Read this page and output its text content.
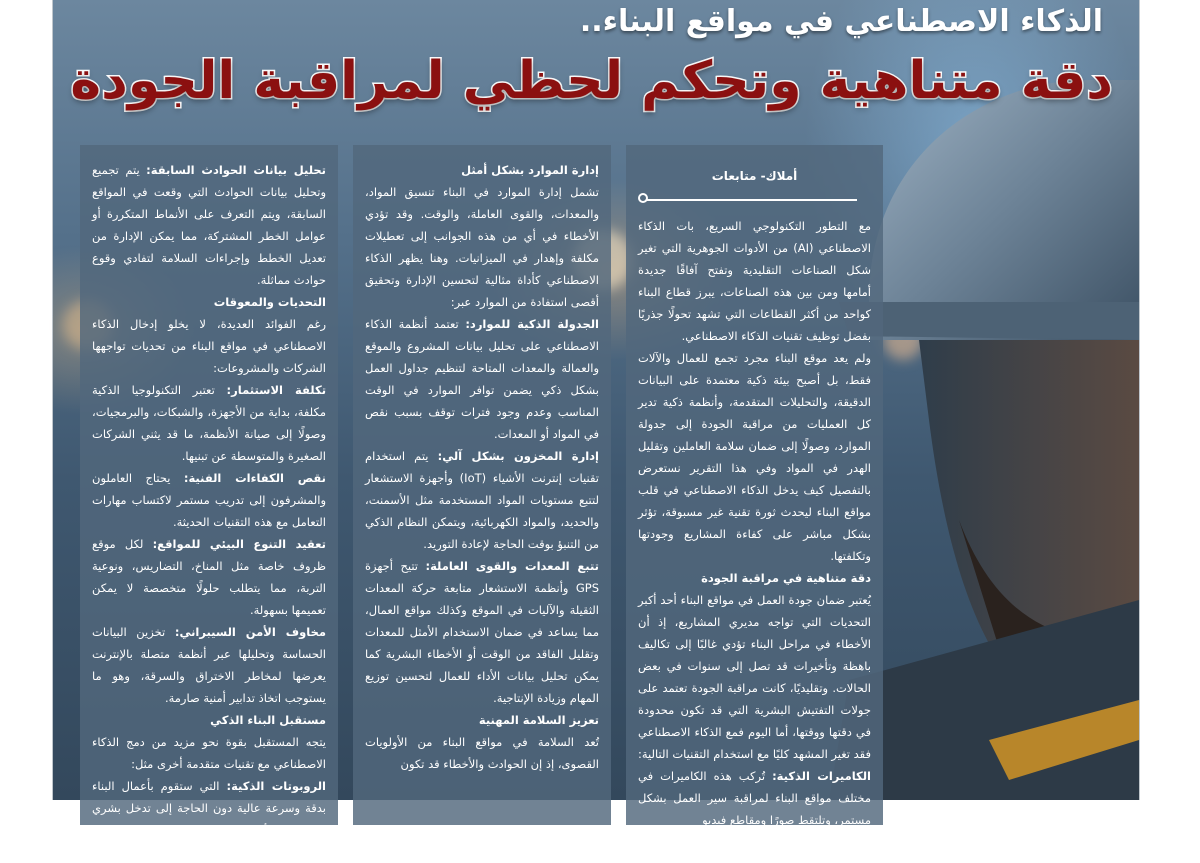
الذكاء الاصطناعي في مواقع البناء..
دقة متناهية وتحكم لحظي لمراقبة الجودة
أملاك- متابعات

مع التطور التكنولوجي السريع، بات الذكاء الاصطناعي (AI) من الأدوات الجوهرية التي تغير شكل الصناعات التقليدية وتفتح آفاقًا جديدة أمامها ومن بين هذه الصناعات، يبرز قطاع البناء كواحد من أكثر القطاعات التي تشهد تحولًا جذريًا بفضل توظيف تقنيات الذكاء الاصطناعي.

ولم يعد موقع البناء مجرد تجمع للعمال والآلات فقط، بل أصبح بيئة ذكية معتمدة على البيانات الدقيقة، والتحليلات المتقدمة، وأنظمة ذكية تدير كل العمليات من مراقبة الجودة إلى جدولة الموارد، وصولًا إلى ضمان سلامة العاملين وتقليل الهدر في المواد وفي هذا التقرير نستعرض بالتفصيل كيف يدخل الذكاء الاصطناعي في قلب مواقع البناء ليحدث ثورة تقنية غير مسبوقة، تؤثر بشكل مباشر على كفاءة المشاريع وجودتها وتكلفتها.

دقة متناهية في مراقبة الجودة

يُعتبر ضمان جودة العمل في مواقع البناء أحد أكبر التحديات التي تواجه مديري المشاريع، إذ أن الأخطاء في مراحل البناء تؤدي غالبًا إلى تكاليف باهظة وتأخيرات قد تصل إلى سنوات في بعض الحالات. وتقليديًا، كانت مراقبة الجودة تعتمد على جولات التفتيش البشرية التي قد تكون محدودة في دقتها ووقتها، أما اليوم فمع الذكاء الاصطناعي فقد تغير المشهد كليًا مع استخدام التقنيات التالية:

الكاميرات الذكية: تُركب هذه الكاميرات في مختلف مواقع البناء لمراقبة سير العمل بشكل مستمر، وتلتقط صورًا ومقاطع فيديو

إدارة الموارد بشكل أمثل

تشمل إدارة الموارد في البناء تنسيق المواد، والمعدات، والقوى العاملة، والوقت. وقد تؤدي الأخطاء في أي من هذه الجوانب إلى تعطيلات مكلفة وإهدار في الميزانيات. وهنا يظهر الذكاء الاصطناعي كأداة مثالية لتحسين الإدارة وتحقيق أقصى استفادة من الموارد عبر:

الجدولة الذكية للموارد: تعتمد أنظمة الذكاء الاصطناعي على تحليل بيانات المشروع والموقع والعمالة والمعدات المتاحة لتنظيم جداول العمل بشكل ذكي يضمن توافر الموارد في الوقت المناسب وعدم وجود فترات توقف بسبب نقص في المواد أو المعدات.

إدارة المخزون بشكل آلي: يتم استخدام تقنيات إنترنت الأشياء (IoT) وأجهزة الاستشعار لتتبع مستويات المواد المستخدمة مثل الأسمنت، والحديد، والمواد الكهربائية، ويتمكن النظام الذكي من التنبؤ بوقت الحاجة لإعادة التوريد.

تتبع المعدات والقوى العاملة: تتيح أجهزة GPS وأنظمة الاستشعار متابعة حركة المعدات الثقيلة والآليات في الموقع وكذلك مواقع العمال، مما يساعد في ضمان الاستخدام الأمثل للمعدات وتقليل الفاقد من الوقت أو الأخطاء البشرية كما يمكن تحليل بيانات الأداء للعمال لتحسين توزيع المهام وزيادة الإنتاجية.

تعزيز السلامة المهنية

تُعد السلامة في مواقع البناء من الأولويات القصوى، إذ إن الحوادث والأخطاء قد تكون

تحليل بيانات الحوادث السابقة: يتم تجميع وتحليل بيانات الحوادث التي وقعت في المواقع السابقة، ويتم التعرف على الأنماط المتكررة أو عوامل الخطر المشتركة، مما يمكن الإدارة من تعديل الخطط وإجراءات السلامة لتفادي وقوع حوادث مماثلة.

التحديات والمعوقات

رغم الفوائد العديدة، لا يخلو إدخال الذكاء الاصطناعي في مواقع البناء من تحديات تواجهها الشركات والمشروعات:

تكلفة الاستثمار: تعتبر التكنولوجيا الذكية مكلفة، بداية من الأجهزة، والشبكات، والبرمجيات، وصولًا إلى صيانة الأنظمة، ما قد يثني الشركات الصغيرة والمتوسطة عن تبنيها.

نقص الكفاءات الفنية: يحتاج العاملون والمشرفون إلى تدريب مستمر لاكتساب مهارات التعامل مع هذه التقنيات الحديثة.

تعقيد التنوع البيئي للمواقع: لكل موقع ظروف خاصة مثل المناخ، التضاريس، ونوعية التربة، مما يتطلب حلولًا متخصصة لا يمكن تعميمها بسهولة.

مخاوف الأمن السيبراني: تخزين البيانات الحساسة وتحليلها عبر أنظمة متصلة بالإنترنت يعرضها لمخاطر الاختراق والسرقة، وهو ما يستوجب اتخاذ تدابير أمنية صارمة.

مستقبل البناء الذكي

يتجه المستقبل بقوة نحو مزيد من دمج الذكاء الاصطناعي مع تقنيات متقدمة أخرى مثل:

الروبوتات الذكية: التي ستقوم بأعمال البناء بدقة وسرعة عالية دون الحاجة إلى تدخل بشري مباشر في الأعمال الخطرة.

الطائرات بدون طيار: لمراقبة المواقع الكبيرة
